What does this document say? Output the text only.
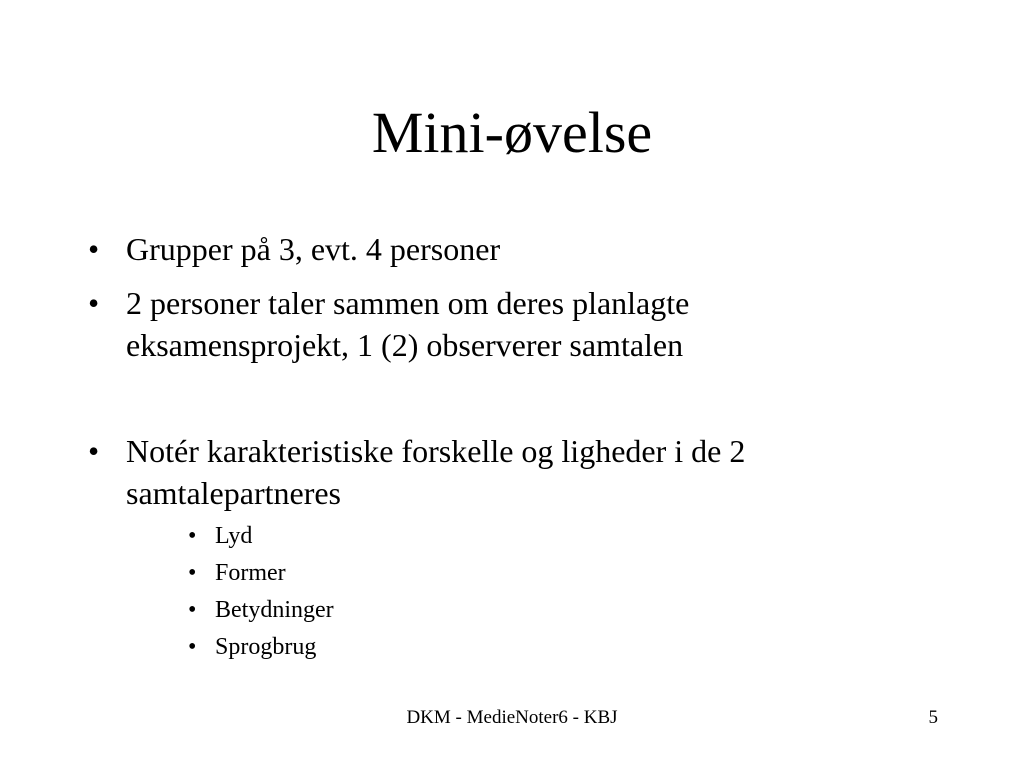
Mini-øvelse
• Grupper på 3, evt. 4 personer
• 2 personer taler sammen om deres planlagte eksamensprojekt, 1 (2) observerer samtalen
• Notér karakteristiske forskelle og ligheder i de 2 samtalepartneres
• Lyd
• Former
• Betydninger
• Sprogbrug
DKM - MedieNoter6 - KBJ	5
